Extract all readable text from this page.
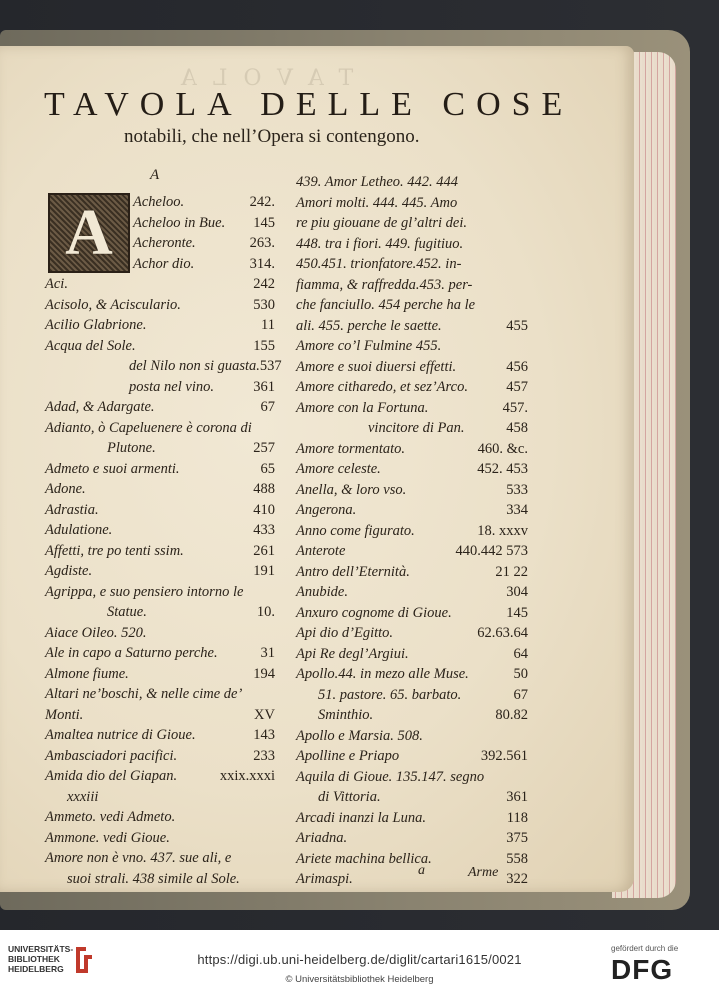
TAVOLA
TAVOLA DELLE COSE
notabili, che nell’Opera si contengono.
A
A	Acheloo.	242.
Acheloo in Bue. 145
Acheronte.	263.
Achor dio.	314.
Aci.	242
Acisolo, & Acisculario.	530
Acilio Glabrione.	11
Acqua del Sole.	155
del Nilo non si guasta. 537
posta nel vino.	361
Adad, & Adargate.	67
Adianto, ò Capeluenere è corona di
Plutone.	257
Admeto e suoi armenti.	65
Adone.	488
Adrastia.	410
Adulatione.	433
Affetti, tre po tenti ssim.	261
Agdiste.	191
Agrippa, e suo pensiero intorno le
Statue.	10.
Aiace Oileo. 520.
Ale in capo a Saturno perche.	31
Almone fiume.	194
Altari ne’boschi, & nelle cime de’
Monti.	XV
Amaltea nutrice di Gioue.	143
Ambasciadori pacifici.	233
Amida dio del Giapan.	xxix.xxxi
xxxiii
Ammeto. vedi Admeto.
Ammone. vedi Gioue.
Amore non è vno. 437. sue ali, e
suoi strali. 438 simile al Sole.
439. Amor Letheo. 442. 444
Amori molti. 444. 445. Amo
re piu giouane de gl’altri dei.
448. tra i fiori. 449. fugitiuo.
450.451. trionfatore.452. in-
fiamma, & raffredda.453. per-
che fanciullo. 454 perche ha le
ali. 455. perche le saette.	455
Amore co’l Fulmine 455.
Amore e suoi diuersi effetti.	456
Amore citharedo, et sez’Arco.	457
Amore con la Fortuna.	457.
vincitore di Pan.	458
Amore tormentato.	460. &c.
Amore celeste.	452. 453
Anella, & loro vso.	533
Angerona.	334
Anno come figurato.	18. xxxv
Anterote	440.442 573
Antro dell’Eternità.	21 22
Anubide.	304
Anxuro cognome di Gioue.	145
Api dio d’Egitto.	62.63.64
Api Re degl’Argiui.	64
Apollo.44. in mezo alle Muse.	50
51. pastore. 65. barbato.	67
Sminthio.	80.82
Apollo e Marsia. 508.
Apolline e Priapo	392.561
Aquila di Gioue. 135.147. segno
di Vittoria.	361
Arcadi inanzi la Luna.	118
Ariadna.	375
Ariete machina bellica.	558
Arimaspi.	322
a	Arme
UNIVERSITÄTS-
BIBLIOTHEK
HEIDELBERG
https://digi.ub.uni-heidelberg.de/diglit/cartari1615/0021
© Universitätsbibliothek Heidelberg
gefördert durch die
DFG
